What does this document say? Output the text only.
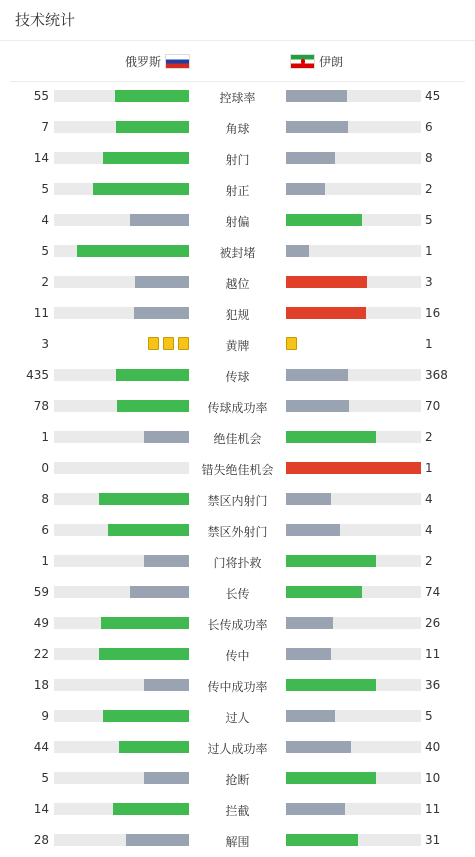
技术统计
俄罗斯	伊朗
55	控球率	45
7	角球	6
14	射门	8
5	射正	2
4	射偏	5
5	被封堵	1
2	越位	3
11	犯规	16
3	黄牌	1
435	传球	368
78	传球成功率	70
1	绝佳机会	2
0	错失绝佳机会	1
8	禁区内射门	4
6	禁区外射门	4
1	门将扑救	2
59	长传	74
49	长传成功率	26
22	传中	11
18	传中成功率	36
9	过人	5
44	过人成功率	40
5	抢断	10
14	拦截	11
28	解围	31
